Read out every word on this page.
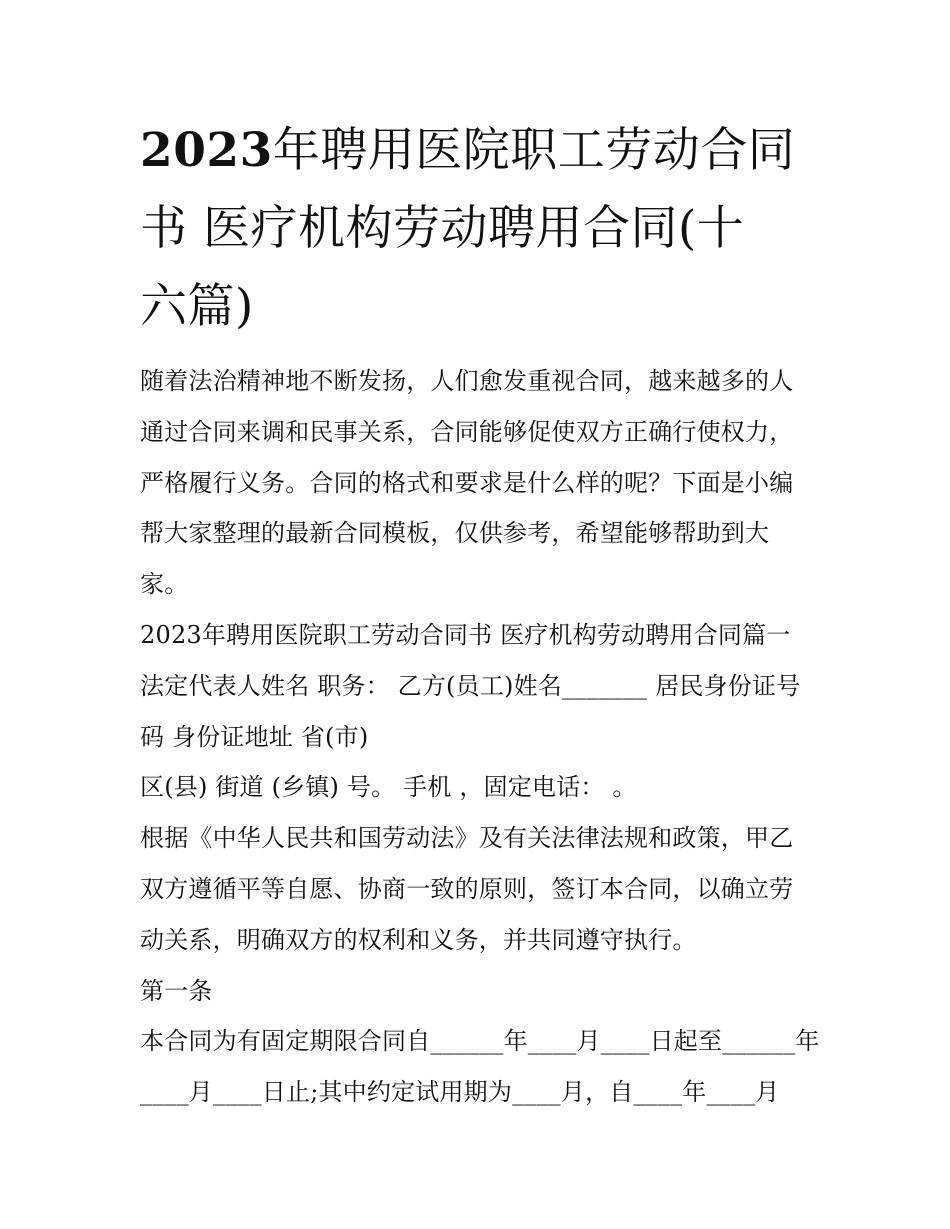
2023年聘用医院职工劳动合同
书 医疗机构劳动聘用合同(十
六篇)
随着法治精神地不断发扬，人们愈发重视合同，越来越多的人
通过合同来调和民事关系，合同能够促使双方正确行使权力，
严格履行义务。合同的格式和要求是什么样的呢？下面是小编
帮大家整理的最新合同模板，仅供参考，希望能够帮助到大
家。
2023年聘用医院职工劳动合同书 医疗机构劳动聘用合同篇一
法定代表人姓名 职务： 乙方(员工)姓名_______ 居民身份证号
码 身份证地址 省(市)
区(县) 街道 (乡镇) 号。 手机 ，固定电话： 。
根据《中华人民共和国劳动法》及有关法律法规和政策，甲乙
双方遵循平等自愿、协商一致的原则，签订本合同，以确立劳
动关系，明确双方的权利和义务，并共同遵守执行。
第一条
本合同为有固定期限合同自______年____月____日起至______年
____月____日止;其中约定试用期为____月，自____年____月
